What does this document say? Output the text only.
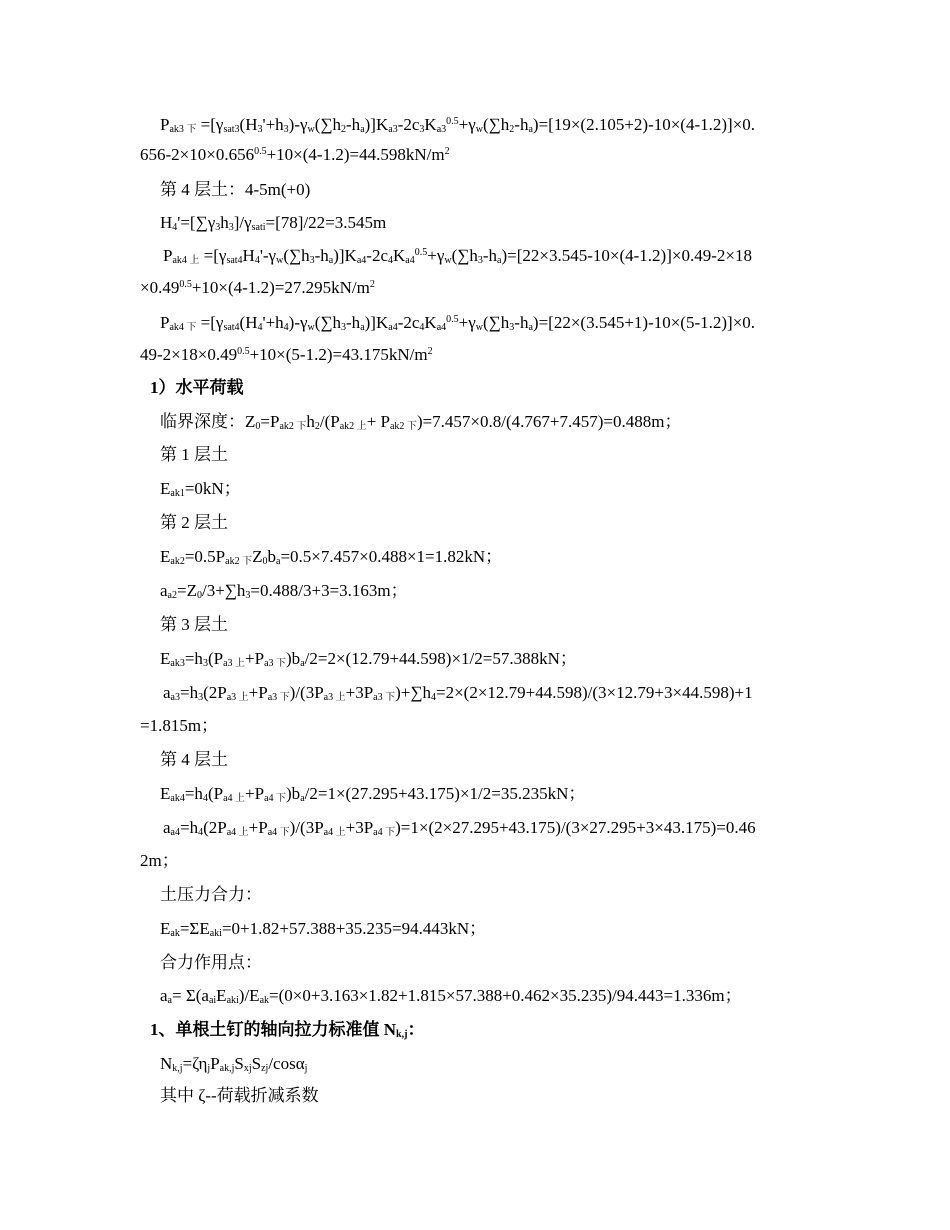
$P_{ak3 下} =[\gamma_{sat3}(H_3'+h_3)-\gamma_w(\sum h_2-h_a)]K_{a3}-2c_3K_{a3}^{0.5}+\gamma_w(\sum h_2-h_a)=[19\times(2.105+2)-10\times(4-1.2)]\times 0$.
$656-2\times 10\times 0.656^{0.5}+10\times(4-1.2)=44.598kN/m^2$
第 4 层土：4-5m(+0)
$H_4'=[\sum\gamma_3h_3]/\gamma_{sati}=[78]/22=3.545m$
$P_{ak4 上} =[\gamma_{sat4}H_4'-\gamma_w(\sum h_3-h_a)]K_{a4}-2c_4K_{a4}^{0.5}+\gamma_w(\sum h_3-h_a)=[22\times 3.545-10\times(4-1.2)]\times 0.49-2\times 18$
$\times 0.49^{0.5}+10\times(4-1.2)=27.295kN/m^2$
$P_{ak4 下} =[\gamma_{sat4}(H_4'+h_4)-\gamma_w(\sum h_3-h_a)]K_{a4}-2c_4K_{a4}^{0.5}+\gamma_w(\sum h_3-h_a)=[22\times(3.545+1)-10\times(5-1.2)]\times 0$.
$49-2\times 18\times 0.49^{0.5}+10\times(5-1.2)=43.175kN/m^2$
1）水平荷载
临界深度：$Z_0=P_{ak2 下}h_2/(P_{ak2 上}+ P_{ak2 下})=7.457\times 0.8/(4.767+7.457)=0.488m$；
第 1 层土
$E_{ak1}=0kN$；
第 2 层土
$E_{ak2}=0.5P_{ak2 下}Z_0b_a=0.5\times 7.457\times 0.488\times 1=1.82kN$；
$a_{a2}=Z_0/3+\sum h_3=0.488/3+3=3.163m$；
第 3 层土
$E_{ak3}=h_3(P_{a3 上}+P_{a3 下})b_a/2=2\times(12.79+44.598)\times 1/2=57.388kN$；
$a_{a3}=h_3(2P_{a3 上}+P_{a3 下})/(3P_{a3 上}+3P_{a3 下})+\sum h_4=2\times(2\times 12.79+44.598)/(3\times 12.79+3\times 44.598)+1$
=1.815m；
第 4 层土
$E_{ak4}=h_4(P_{a4 上}+P_{a4 下})b_a/2=1\times(27.295+43.175)\times 1/2=35.235kN$；
$a_{a4}=h_4(2P_{a4 上}+P_{a4 下})/(3P_{a4 上}+3P_{a4 下})=1\times(2\times 27.295+43.175)/(3\times 27.295+3\times 43.175)=0.46$
2m；
土压力合力：
$E_{ak}=\Sigma E_{aki}=0+1.82+57.388+35.235=94.443kN$；
合力作用点：
$a_a= \Sigma(a_{ai}E_{aki})/E_{ak}=(0\times 0+3.163\times 1.82+1.815\times 57.388+0.462\times 35.235)/94.443=1.336m$；
1、单根土钉的轴向拉力标准值 $N_{k,j}$：
$N_{k,j}=\zeta\eta_jP_{ak,j}S_{xj}S_{zj}/\cos\alpha_j$
其中 ζ--荷载折减系数
